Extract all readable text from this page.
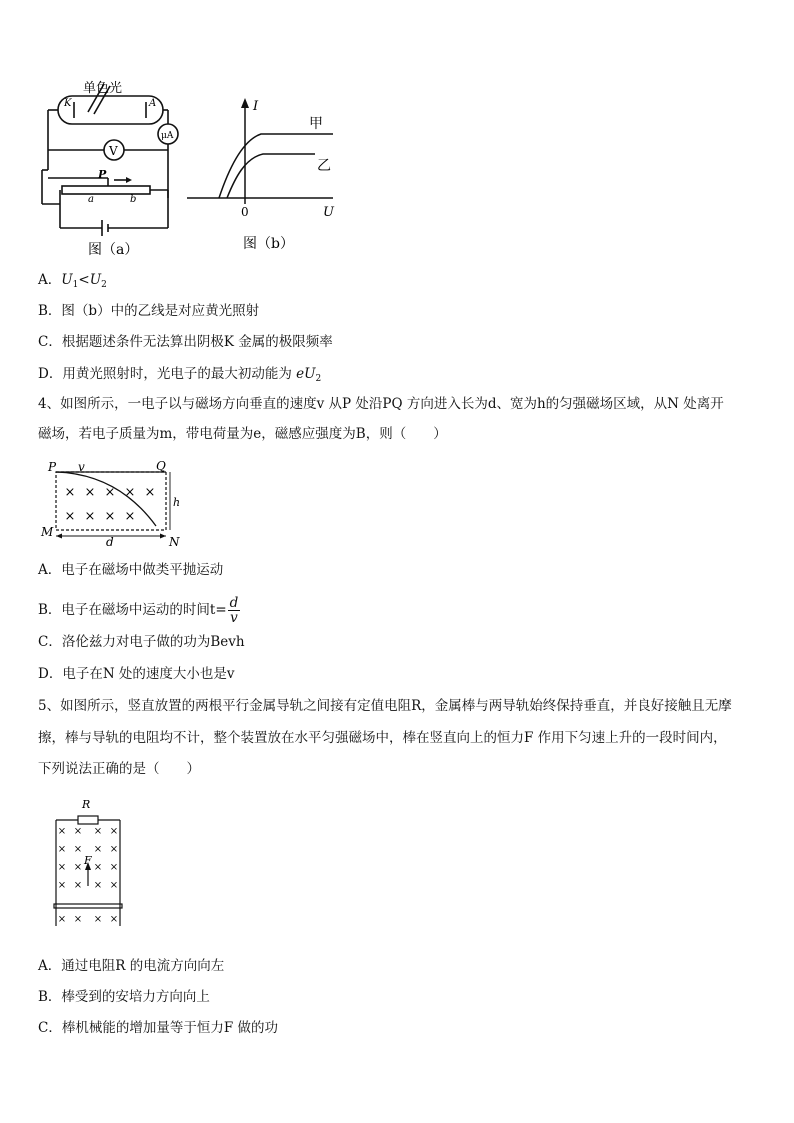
单色光
K	A
μA
V
P
a	b
图（a）
I
U
0
甲
乙
图（b）
A．$U_1<U_2$
B．图（b）中的乙线是对应黄光照射
C．根据题述条件无法算出阴极K 金属的极限频率
D．用黄光照射时，光电子的最大初动能为 $eU_2$
4、如图所示，一电子以与磁场方向垂直的速度v 从P 处沿PQ 方向进入长为d、宽为h的匀强磁场区域，从N 处离开
磁场，若电子质量为m，带电荷量为e，磁感应强度为B，则（　　）
× × × × ×
× × × ×
P v	Q
h
M
N
d
A．电子在磁场中做类平抛运动
B．电子在磁场中运动的时间$t= \frac{d}{v}$
C．洛伦兹力对电子做的功为Bevh
D．电子在N 处的速度大小也是v
5、如图所示，竖直放置的两根平行金属导轨之间接有定值电阻R，金属棒与两导轨始终保持垂直，并良好接触且无摩
擦，棒与导轨的电阻均不计，整个装置放在水平匀强磁场中，棒在竖直向上的恒力F 作用下匀速上升的一段时间内，
下列说法正确的是（　　）
R
F
× × × ×
× × × ×
× × × ×
× × × ×
× × × ×
A．通过电阻R 的电流方向向左
B．棒受到的安培力方向向上
C．棒机械能的增加量等于恒力F 做的功
